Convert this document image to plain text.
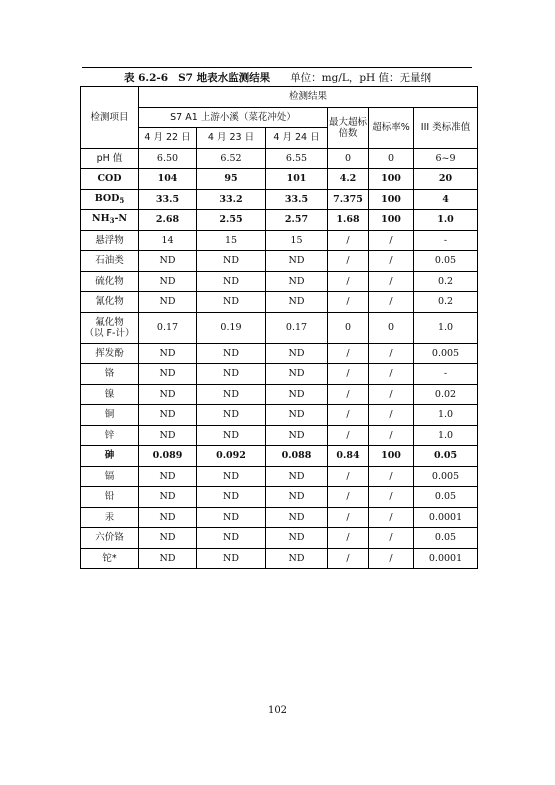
表 6.2-6 S7 地表水监测结果 单位：mg/L，pH 值：无量纲
检测项目	检测结果					
	S7 A1 上游小溪（菜花冲处）			最大超标倍数	超标率%	III 类标准值
	4 月 22 日	4 月 23 日	4 月 24 日			
pH 值	6.50	6.52	6.55	0	0	6~9
COD	104	95	101	4.2	100	20
$BOD_5$	33.5	33.2	33.5	7.375	100	4
$NH_3-N$	2.68	2.55	2.57	1.68	100	1.0
悬浮物	14	15	15	/	/	-
石油类	ND	ND	ND	/	/	0.05
硫化物	ND	ND	ND	/	/	0.2
氰化物	ND	ND	ND	/	/	0.2
氟化物
（以 F-计）	0.17	0.19	0.17	0	0	1.0
挥发酚	ND	ND	ND	/	/	0.005
铬	ND	ND	ND	/	/	-
镍	ND	ND	ND	/	/	0.02
铜	ND	ND	ND	/	/	1.0
锌	ND	ND	ND	/	/	1.0
砷	0.089	0.092	0.088	0.84	100	0.05
镉	ND	ND	ND	/	/	0.005
铅	ND	ND	ND	/	/	0.05
汞	ND	ND	ND	/	/	0.0001
六价铬	ND	ND	ND	/	/	0.05
铊*	ND	ND	ND	/	/	0.0001
102
